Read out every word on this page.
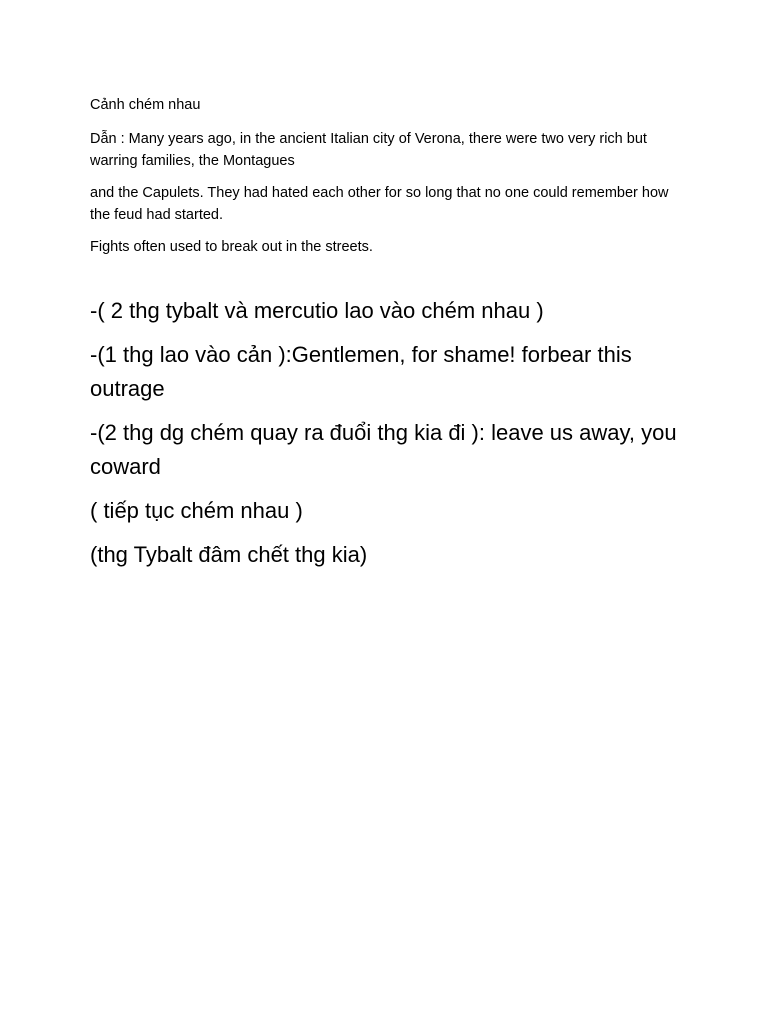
Cảnh chém nhau

Dẫn : Many years ago, in the ancient Italian city of Verona, there were two very rich but warring families, the Montagues

and the Capulets. They had hated each other for so long that no one could remember how the feud had started.

Fights often used to break out in the streets.

-( 2 thg tybalt và mercutio lao vào chém nhau )

-(1 thg lao vào cản ):Gentlemen, for shame! forbear this outrage

-(2 thg dg chém quay ra đuổi thg kia đi ): leave us away, you coward

( tiếp tục chém nhau )

(thg Tybalt đâm chết thg kia)
